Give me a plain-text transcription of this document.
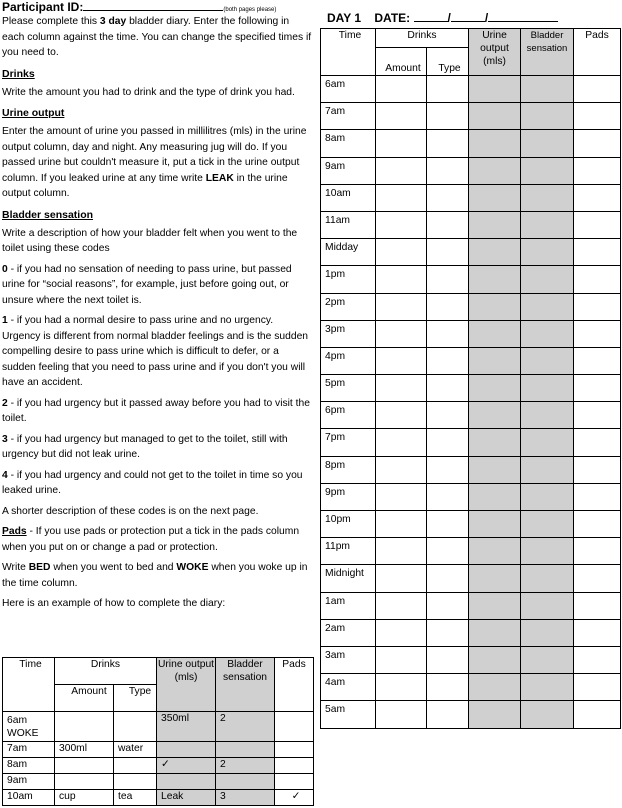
Participant ID:	(both pages please)

Please complete this 3 day bladder diary. Enter the following in each column against the time. You can change the specified times if you need to.

Drinks

Write the amount you had to drink and the type of drink you had.

Urine output

Enter the amount of urine you passed in millilitres (mls) in the urine output column, day and night. Any measuring jug will do. If you passed urine but couldn't measure it, put a tick in the urine output column. If you leaked urine at any time write LEAK in the urine output column.

Bladder sensation

Write a description of how your bladder felt when you went to the toilet using these codes

0 - if you had no sensation of needing to pass urine, but passed urine for “social reasons”, for example, just before going out, or unsure where the next toilet is.

1 - if you had a normal desire to pass urine and no urgency. Urgency is different from normal bladder feelings and is the sudden compelling desire to pass urine which is difficult to defer, or a sudden feeling that you need to pass urine and if you don't you will have an accident.

2 - if you had urgency but it passed away before you had to visit the toilet.

3 - if you had urgency but managed to get to the toilet, still with urgency but did not leak urine.

4 - if you had urgency and could not get to the toilet in time so you leaked urine.

A shorter description of these codes is on the next page.

Pads - If you use pads or protection put a tick in the pads column when you put on or change a pad or protection.

Write BED when you went to bed and WOKE when you woke up in the time column.

Here is an example of how to complete the diary:

Time	Drinks		Urine output (mls)	Bladder sensation	Pads
	Amount	Type			
6am WOKE			350ml	2	
7am	300ml	water			
8am			✓	2	
9am					
10am	cup	tea	Leak	3	✓
DAY 1 DATE:	/	/
Time	Drinks		Urine output (mls)	Bladder sensation	Pads
	Amount	Type			
6am					
7am					
8am					
9am					
10am					
11am					
Midday					
1pm					
2pm					
3pm					
4pm					
5pm					
6pm					
7pm					
8pm					
9pm					
10pm					
11pm					
Midnight					
1am					
2am					
3am					
4am					
5am					
